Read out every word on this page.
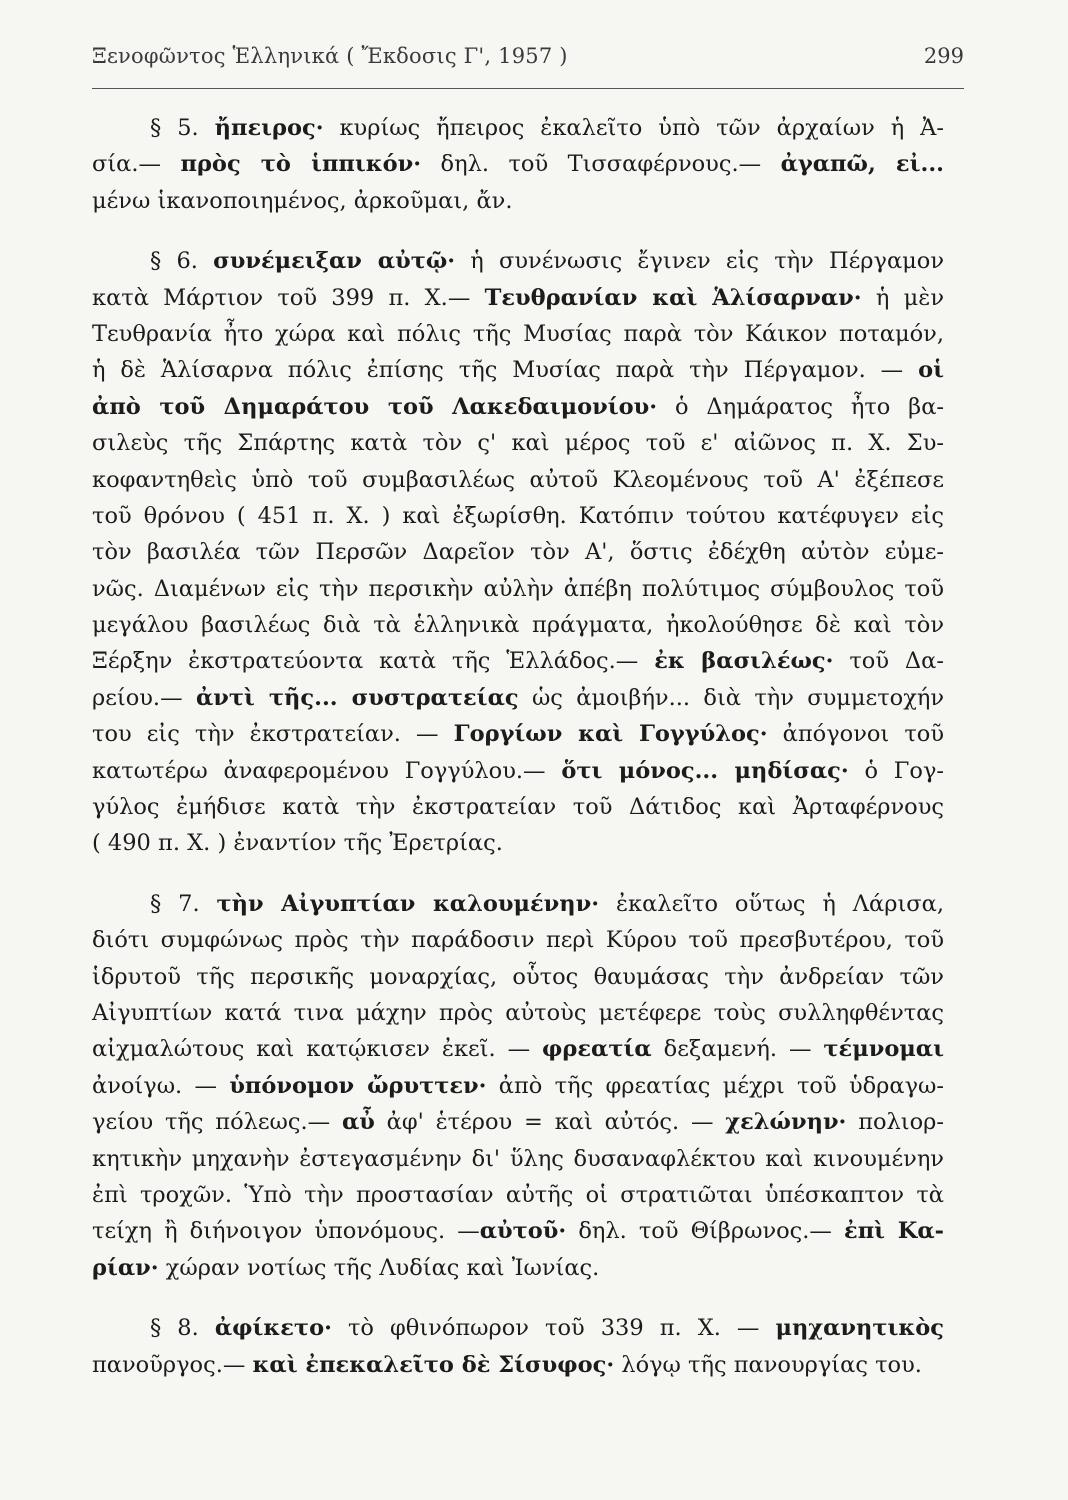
Ξενοφῶντος Ἑλληνικά ( Ἔκδοσις Γ', 1957 )	299
§ 5. ἤπειρος· κυρίως ἤπειρος ἐκαλεῖτο ὑπὸ τῶν ἀρχαίων ἡ Ἀ-
σία.— πρὸς τὸ ἱππικόν· δηλ. τοῦ Τισσαφέρνους.— ἀγαπῶ, εἰ...
μένω ἱκανοποιημένος, ἀρκοῦμαι, ἄν.
§ 6. συνέμειξαν αὐτῷ· ἡ συνένωσις ἔγινεν εἰς τὴν Πέργαμον
κατὰ Μάρτιον τοῦ 399 π. Χ.— Τευθρανίαν καὶ Ἁλίσαρναν· ἡ μὲν
Τευθρανία ἦτο χώρα καὶ πόλις τῆς Μυσίας παρὰ τὸν Κάικον ποταμόν,
ἡ δὲ Ἁλίσαρνα πόλις ἐπίσης τῆς Μυσίας παρὰ τὴν Πέργαμον. — οἱ
ἀπὸ τοῦ Δημαράτου τοῦ Λακεδαιμονίου· ὁ Δημάρατος ἦτο βα-
σιλεὺς τῆς Σπάρτης κατὰ τὸν ς' καὶ μέρος τοῦ ε' αἰῶνος π. Χ. Συ-
κοφαντηθεὶς ὑπὸ τοῦ συμβασιλέως αὐτοῦ Κλεομένους τοῦ Α' ἐξέπεσε
τοῦ θρόνου ( 451 π. Χ. ) καὶ ἐξωρίσθη. Κατόπιν τούτου κατέφυγεν εἰς
τὸν βασιλέα τῶν Περσῶν Δαρεῖον τὸν Α', ὅστις ἐδέχθη αὐτὸν εὐμε-
νῶς. Διαμένων εἰς τὴν περσικὴν αὐλὴν ἀπέβη πολύτιμος σύμβουλος τοῦ
μεγάλου βασιλέως διὰ τὰ ἑλληνικὰ πράγματα, ἠκολούθησε δὲ καὶ τὸν
Ξέρξην ἐκστρατεύοντα κατὰ τῆς Ἑλλάδος.— ἐκ βασιλέως· τοῦ Δα-
ρείου.— ἀντὶ τῆς... συστρατείας ὡς ἀμοιβήν... διὰ τὴν συμμετοχήν
του εἰς τὴν ἐκστρατείαν. — Γοργίων καὶ Γογγύλος· ἀπόγονοι τοῦ
κατωτέρω ἀναφερομένου Γογγύλου.— ὅτι μόνος... μηδίσας· ὁ Γογ-
γύλος ἐμήδισε κατὰ τὴν ἐκστρατείαν τοῦ Δάτιδος καὶ Ἀρταφέρνους
( 490 π. Χ. ) ἐναντίον τῆς Ἐρετρίας.
§ 7. τὴν Αἰγυπτίαν καλουμένην· ἐκαλεῖτο οὕτως ἡ Λάρισα,
διότι συμφώνως πρὸς τὴν παράδοσιν περὶ Κύρου τοῦ πρεσβυτέρου, τοῦ
ἱδρυτοῦ τῆς περσικῆς μοναρχίας, οὗτος θαυμάσας τὴν ἀνδρείαν τῶν
Αἰγυπτίων κατά τινα μάχην πρὸς αὐτοὺς μετέφερε τοὺς συλληφθέντας
αἰχμαλώτους καὶ κατῴκισεν ἐκεῖ. — φρεατία δεξαμενή. — τέμνομαι
ἀνοίγω. — ὑπόνομον ὤρυττεν· ἀπὸ τῆς φρεατίας μέχρι τοῦ ὑδραγω-
γείου τῆς πόλεως.— αὖ ἀφ' ἑτέρου = καὶ αὐτός. — χελώνην· πολιορ-
κητικὴν μηχανὴν ἐστεγασμένην δι' ὕλης δυσαναφλέκτου καὶ κινουμένην
ἐπὶ τροχῶν. Ὑπὸ τὴν προστασίαν αὐτῆς οἱ στρατιῶται ὑπέσκαπτον τὰ
τείχη ἢ διήνοιγον ὑπονόμους. —αὐτοῦ· δηλ. τοῦ Θίβρωνος.— ἐπὶ Κα-
ρίαν· χώραν νοτίως τῆς Λυδίας καὶ Ἰωνίας.
§ 8. ἀφίκετο· τὸ φθινόπωρον τοῦ 339 π. Χ. — μηχανητικὸς
πανοῦργος.— καὶ ἐπεκαλεῖτο δὲ Σίσυφος· λόγῳ τῆς πανουργίας του.
